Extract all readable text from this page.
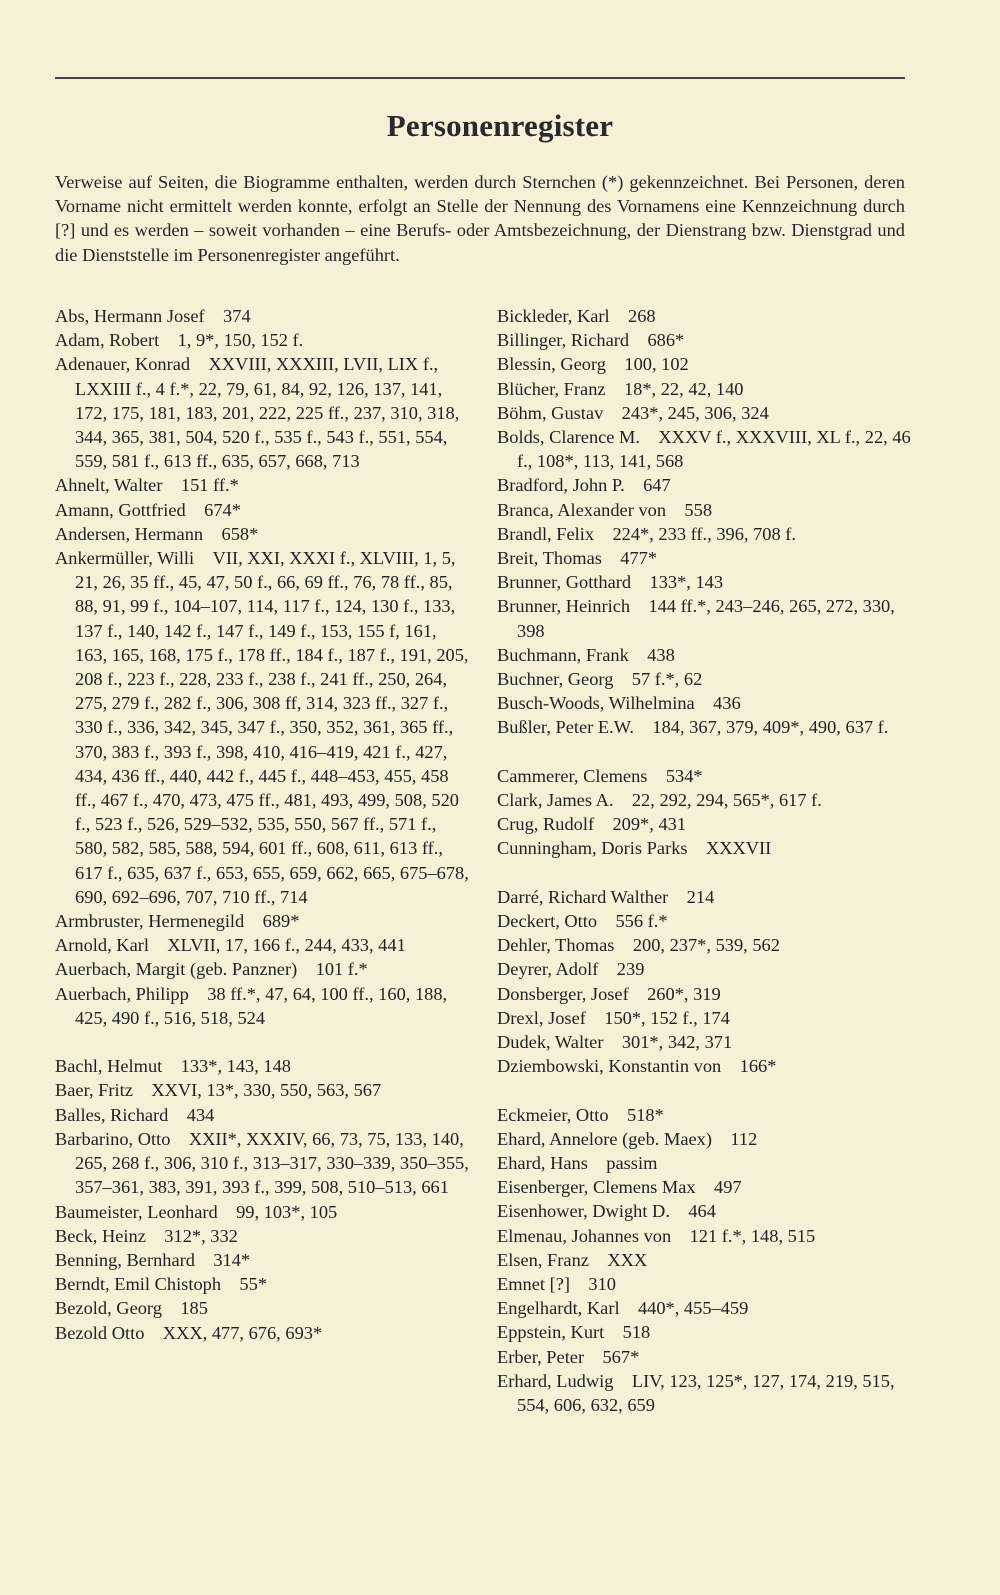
Personenregister
Verweise auf Seiten, die Biogramme enthalten, werden durch Sternchen (*) gekennzeichnet. Bei Personen, deren Vorname nicht ermittelt werden konnte, erfolgt an Stelle der Nennung des Vornamens eine Kennzeichnung durch [?] und es werden – soweit vorhanden – eine Berufs- oder Amtsbezeichnung, der Dienstrang bzw. Dienstgrad und die Dienststelle im Personenregister angeführt.
Abs, Hermann Josef  374
Adam, Robert  1, 9*, 150, 152 f.
Adenauer, Konrad  XXVIII, XXXIII, LVII, LIX f., LXXIII f., 4 f.*, 22, 79, 61, 84, 92, 126, 137, 141, 172, 175, 181, 183, 201, 222, 225 ff., 237, 310, 318, 344, 365, 381, 504, 520 f., 535 f., 543 f., 551, 554, 559, 581 f., 613 ff., 635, 657, 668, 713
Ahnelt, Walter  151 ff.*
Amann, Gottfried  674*
Andersen, Hermann  658*
Ankermüller, Willi  VII, XXI, XXXI f., XLVIII, 1, 5, 21, 26, 35 ff., 45, 47, 50 f., 66, 69 ff., 76, 78 ff., 85, 88, 91, 99 f., 104–107, 114, 117 f., 124, 130 f., 133, 137 f., 140, 142 f., 147 f., 149 f., 153, 155 f, 161, 163, 165, 168, 175 f., 178 ff., 184 f., 187 f., 191, 205, 208 f., 223 f., 228, 233 f., 238 f., 241 ff., 250, 264, 275, 279 f., 282 f., 306, 308 ff, 314, 323 ff., 327 f., 330 f., 336, 342, 345, 347 f., 350, 352, 361, 365 ff., 370, 383 f., 393 f., 398, 410, 416–419, 421 f., 427, 434, 436 ff., 440, 442 f., 445 f., 448–453, 455, 458 ff., 467 f., 470, 473, 475 ff., 481, 493, 499, 508, 520 f., 523 f., 526, 529–532, 535, 550, 567 ff., 571 f., 580, 582, 585, 588, 594, 601 ff., 608, 611, 613 ff., 617 f., 635, 637 f., 653, 655, 659, 662, 665, 675–678, 690, 692–696, 707, 710 ff., 714
Armbruster, Hermenegild  689*
Arnold, Karl  XLVII, 17, 166 f., 244, 433, 441
Auerbach, Margit (geb. Panzner)  101 f.*
Auerbach, Philipp  38 ff.*, 47, 64, 100 ff., 160, 188, 425, 490 f., 516, 518, 524
Bachl, Helmut  133*, 143, 148
Baer, Fritz  XXVI, 13*, 330, 550, 563, 567
Balles, Richard  434
Barbarino, Otto  XXII*, XXXIV, 66, 73, 75, 133, 140, 265, 268 f., 306, 310 f., 313–317, 330–339, 350–355, 357–361, 383, 391, 393 f., 399, 508, 510–513, 661
Baumeister, Leonhard  99, 103*, 105
Beck, Heinz  312*, 332
Benning, Bernhard  314*
Berndt, Emil Chistoph  55*
Bezold, Georg  185
Bezold Otto  XXX, 477, 676, 693*
Bickleder, Karl  268
Billinger, Richard  686*
Blessin, Georg  100, 102
Blücher, Franz  18*, 22, 42, 140
Böhm, Gustav  243*, 245, 306, 324
Bolds, Clarence M.  XXXV f., XXXVIII, XL f., 22, 46 f., 108*, 113, 141, 568
Bradford, John P.  647
Branca, Alexander von  558
Brandl, Felix  224*, 233 ff., 396, 708 f.
Breit, Thomas  477*
Brunner, Gotthard  133*, 143
Brunner, Heinrich  144 ff.*, 243–246, 265, 272, 330, 398
Buchmann, Frank  438
Buchner, Georg  57 f.*, 62
Busch-Woods, Wilhelmina  436
Bußler, Peter E.W.  184, 367, 379, 409*, 490, 637 f.
Cammerer, Clemens  534*
Clark, James A.  22, 292, 294, 565*, 617 f.
Crug, Rudolf  209*, 431
Cunningham, Doris Parks  XXXVII
Darré, Richard Walther  214
Deckert, Otto  556 f.*
Dehler, Thomas  200, 237*, 539, 562
Deyrer, Adolf  239
Donsberger, Josef  260*, 319
Drexl, Josef  150*, 152 f., 174
Dudek, Walter  301*, 342, 371
Dziembowski, Konstantin von  166*
Eckmeier, Otto  518*
Ehard, Annelore (geb. Maex)  112
Ehard, Hans  passim
Eisenberger, Clemens Max  497
Eisenhower, Dwight D.  464
Elmenau, Johannes von  121 f.*, 148, 515
Elsen, Franz  XXX
Emnet [?]  310
Engelhardt, Karl  440*, 455–459
Eppstein, Kurt  518
Erber, Peter  567*
Erhard, Ludwig  LIV, 123, 125*, 127, 174, 219, 515, 554, 606, 632, 659
